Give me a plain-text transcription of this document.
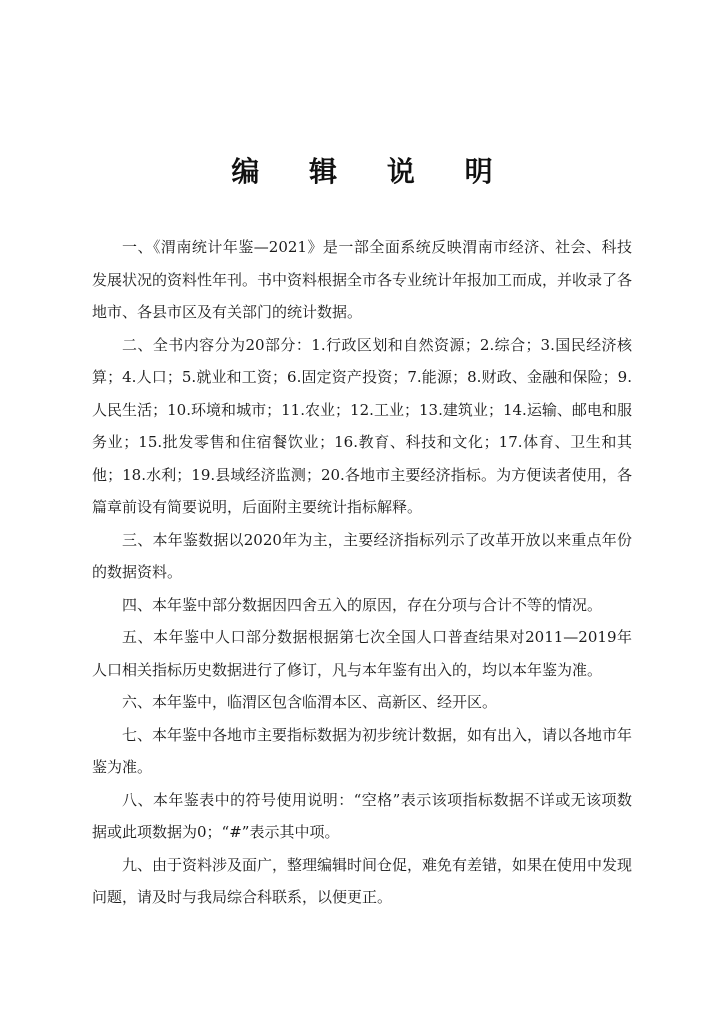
编 辑 说 明

一、《渭南统计年鉴—2021》是一部全面系统反映渭南市经济、社会、科技发展状况的资料性年刊。书中资料根据全市各专业统计年报加工而成，并收录了各地市、各县市区及有关部门的统计数据。

二、全书内容分为20部分：1.行政区划和自然资源；2.综合；3.国民经济核算；4.人口；5.就业和工资；6.固定资产投资；7.能源；8.财政、金融和保险；9.人民生活；10.环境和城市；11.农业；12.工业；13.建筑业；14.运输、邮电和服务业；15.批发零售和住宿餐饮业；16.教育、科技和文化；17.体育、卫生和其他；18.水利；19.县域经济监测；20.各地市主要经济指标。为方便读者使用，各篇章前设有简要说明，后面附主要统计指标解释。

三、本年鉴数据以2020年为主，主要经济指标列示了改革开放以来重点年份的数据资料。

四、本年鉴中部分数据因四舍五入的原因，存在分项与合计不等的情况。

五、本年鉴中人口部分数据根据第七次全国人口普查结果对2011—2019年人口相关指标历史数据进行了修订，凡与本年鉴有出入的，均以本年鉴为准。

六、本年鉴中，临渭区包含临渭本区、高新区、经开区。

七、本年鉴中各地市主要指标数据为初步统计数据，如有出入，请以各地市年鉴为准。

八、本年鉴表中的符号使用说明：“空格”表示该项指标数据不详或无该项数据或此项数据为0；“#”表示其中项。

九、由于资料涉及面广，整理编辑时间仓促，难免有差错，如果在使用中发现问题，请及时与我局综合科联系，以便更正。
